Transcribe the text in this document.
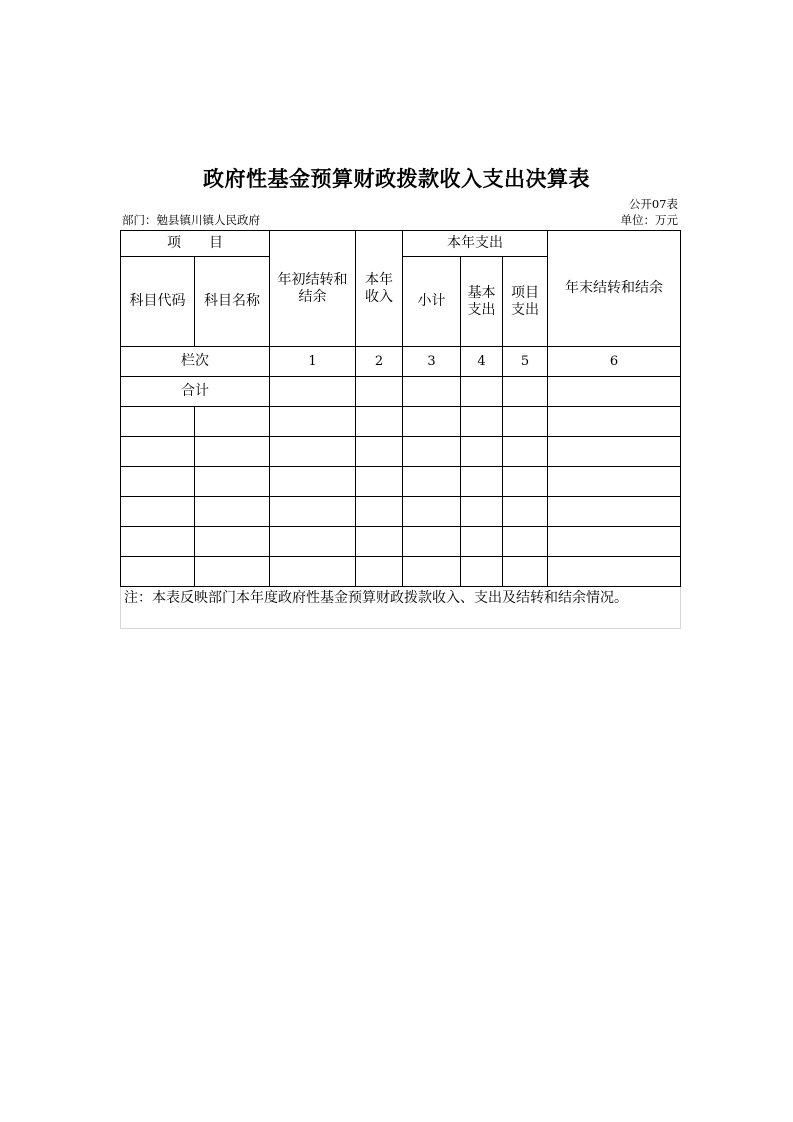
政府性基金预算财政拨款收入支出决算表
公开07表
部门：勉县镇川镇人民政府	单位：万元
项　　目		年初结转和结余	本年收入	本年支出			年末结转和结余
科目代码	科目名称			小计	基本支出	项目支出	

栏次		1	2	3	4	5	6
合计							

注：本表反映部门本年度政府性基金预算财政拨款收入、支出及结转和结余情况。							
